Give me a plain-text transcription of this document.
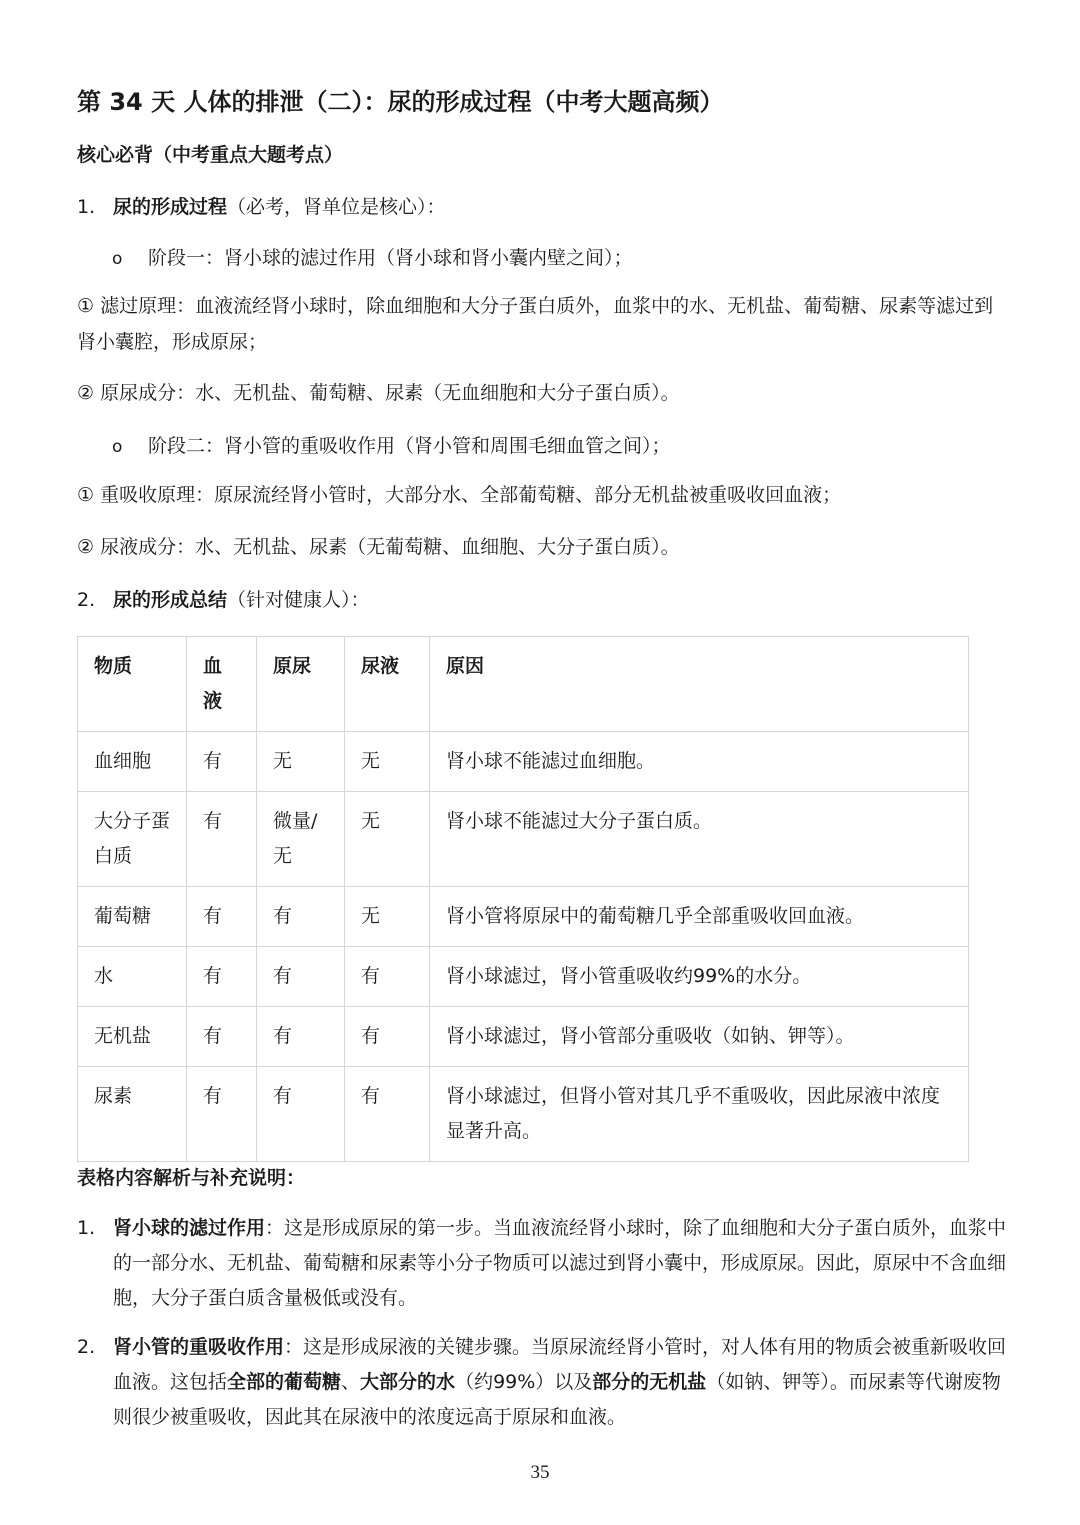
第 34 天 人体的排泄（二）：尿的形成过程（中考大题高频）
核心必背（中考重点大题考点）
1. 尿的形成过程（必考，肾单位是核心）：
o 阶段一：肾小球的滤过作用（肾小球和肾小囊内壁之间）；
① 滤过原理：血液流经肾小球时，除血细胞和大分子蛋白质外，血浆中的水、无机盐、葡萄糖、尿素等滤过到肾小囊腔，形成原尿；
② 原尿成分：水、无机盐、葡萄糖、尿素（无血细胞和大分子蛋白质）。
o 阶段二：肾小管的重吸收作用（肾小管和周围毛细血管之间）；
① 重吸收原理：原尿流经肾小管时，大部分水、全部葡萄糖、部分无机盐被重吸收回血液；
② 尿液成分：水、无机盐、尿素（无葡萄糖、血细胞、大分子蛋白质）。
2. 尿的形成总结（针对健康人）：
物质	血液	原尿	尿液	原因
血细胞	有	无	无	肾小球不能滤过血细胞。
大分子蛋白质	有	微量/无	无	肾小球不能滤过大分子蛋白质。
葡萄糖	有	有	无	肾小管将原尿中的葡萄糖几乎全部重吸收回血液。
水	有	有	有	肾小球滤过，肾小管重吸收约99%的水分。
无机盐	有	有	有	肾小球滤过，肾小管部分重吸收（如钠、钾等）。
尿素	有	有	有	肾小球滤过，但肾小管对其几乎不重吸收，因此尿液中浓度显著升高。
表格内容解析与补充说明：
1. 肾小球的滤过作用：这是形成原尿的第一步。当血液流经肾小球时，除了血细胞和大分子蛋白质外，血浆中的一部分水、无机盐、葡萄糖和尿素等小分子物质可以滤过到肾小囊中，形成原尿。因此，原尿中不含血细胞，大分子蛋白质含量极低或没有。
2. 肾小管的重吸收作用：这是形成尿液的关键步骤。当原尿流经肾小管时，对人体有用的物质会被重新吸收回血液。这包括全部的葡萄糖、大部分的水（约99%）以及部分的无机盐（如钠、钾等）。而尿素等代谢废物则很少被重吸收，因此其在尿液中的浓度远高于原尿和血液。
35
